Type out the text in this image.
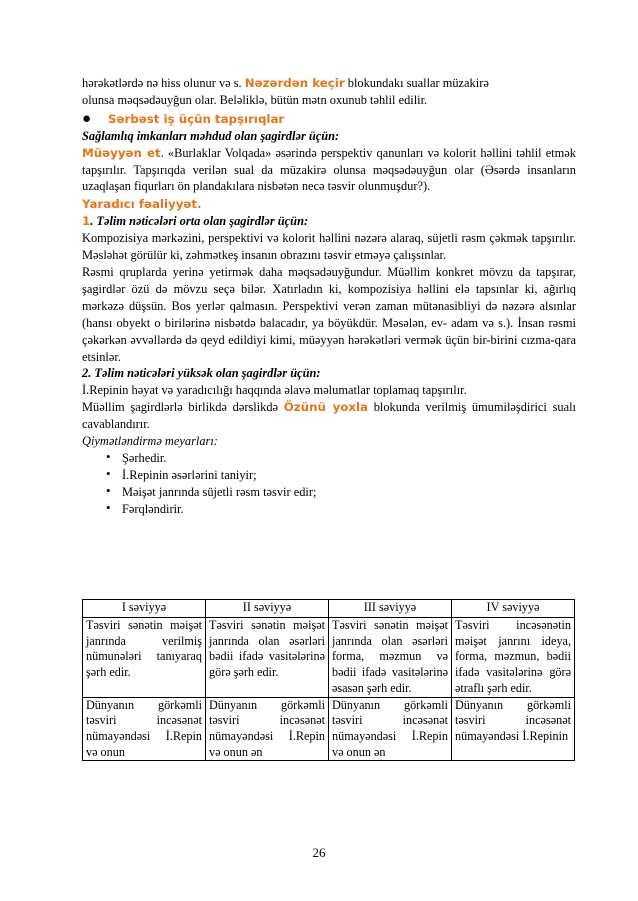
hərəkətlərdə nə hiss olunur və s. Nəzərdən keçir blokundakı suallar müzakirə
olunsa məqsədəuyğun olar. Beləliklə, bütün mətn oxunub təhlil edilir.

●	Sərbəst iş üçün tapşırıqlar

Sağlamlıq imkanları məhdud olan şagirdlər üçün:

Müəyyən et. «Burlaklar Volqada» əsərində perspektiv qanunları və kolorit həllini təhlil etmək tapşırılır. Tapşırıqda verilən sual da müzakirə olunsa məqsədəuyğun olar (Əsərdə insanların uzaqlaşan fiqurları ön plandakılara nisbətən necə təsvir olunmuşdur?).

Yaradıcı fəaliyyət.

1. Təlim nəticələri orta olan şagirdlər üçün:

Kompozisiya mərkəzini, perspektivi və kolorit həllini nəzərə alaraq, süjetli rəsm çəkmək tapşırılır. Məsləhət görülür ki, zəhmətkeş insanın obrazını təsvir etməyə çalışsınlar.

Rəsmi qruplarda yerinə yetirmək daha məqsədəuyğundur. Müəllim konkret mövzu da tapşırar, şagirdlər özü də mövzu seçə bilər. Xatırladın ki, kompozisiya həllini elə tapsınlar ki, ağırlıq mərkəzə düşsün. Bos yerlər qalmasın. Perspektivi verən zaman mütənasibliyi də nəzərə alsınlar (hansı obyekt o birilərinə nisbətdə balacadır, ya böyükdür. Məsələn, ev- adam və s.). İnsan rəsmi çəkərkən əvvəllərdə də qeyd edildiyi kimi, müəyyən hərəkətləri vermək üçün bir-birini cızma-qara etsinlər.

2. Təlim nəticələri yüksək olan şagirdlər üçün:

İ.Repinin həyat və yaradıcılığı haqqında əlavə məlumatlar toplamaq tapşırılır.

Müəllim şagirdlərlə birlikdə dərslikdə Özünü yoxla blokunda verilmiş ümumiləşdirici sualı cavablandırır.

Qiymətləndirmə meyarları:

• Şərhedir.
• İ.Repinin əsərlərini taniyir;
• Məişət janrında süjetli rəsm təsvir edir;
• Fərqləndirir.
I səviyyə	II səviyyə	III səviyyə	IV səviyyə
Təsviri sənətin məişət janrında verilmiş nümunələri tanıyaraq şərh edir.	Təsviri sənətin məişət janrında olan əsərləri bədii ifadə vasitələrinə görə şərh edir.	Təsviri sənətin məişət janrında olan əsərləri forma, məzmun və bədii ifadə vasitələrinə əsasən şərh edir.	Təsviri incəsənətin məişət janrını ideya, forma, məzmun, bədii ifadə vasitələrinə görə ətraflı şərh edir.
Dünyanın görkəmli təsviri incəsənət nümayəndəsi İ.Repin və onun	Dünyanın görkəmli təsviri incəsənət nümayəndəsi İ.Repin və onun ən	Dünyanın görkəmli təsviri incəsənət nümayəndəsi İ.Repin və onun ən	Dünyanın görkəmli təsviri incəsənət nümayəndəsi İ.Repinin
26
